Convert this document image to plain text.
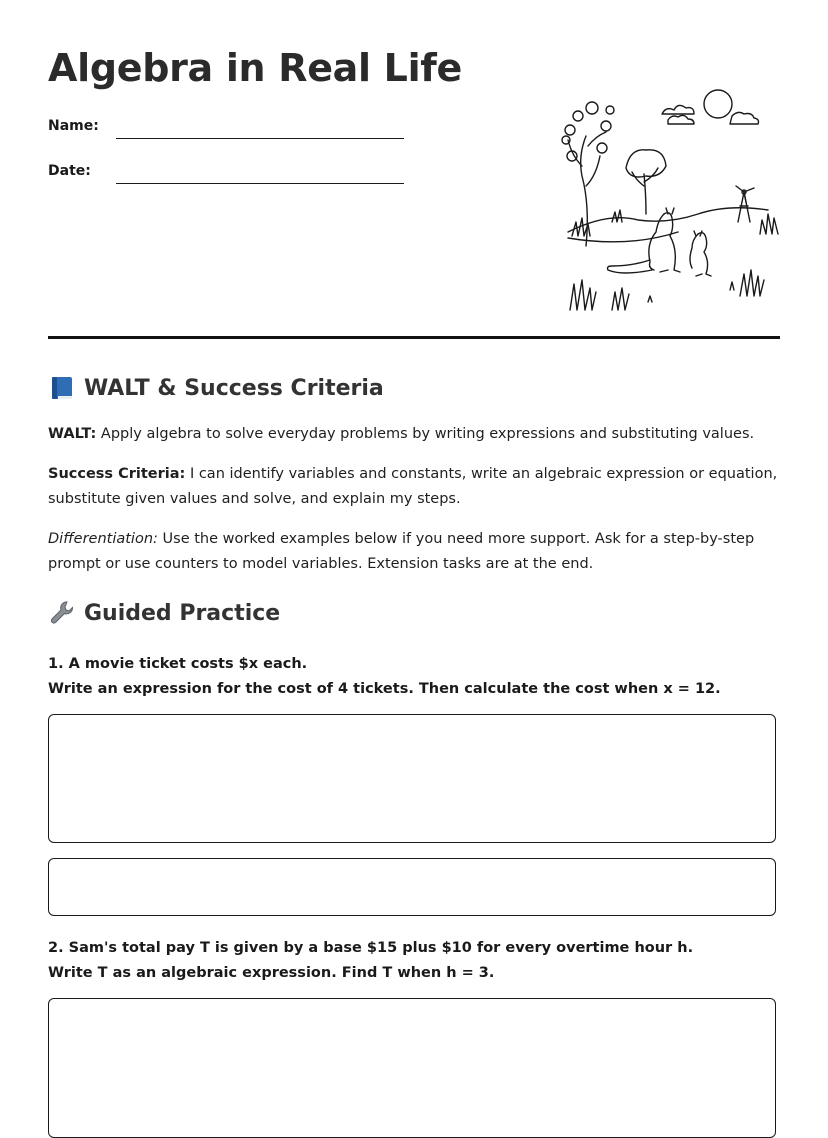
Algebra in Real Life
Name:
Date:
WALT & Success Criteria

WALT: Apply algebra to solve everyday problems by writing expressions and substituting values.

Success Criteria: I can identify variables and constants, write an algebraic expression or equation, substitute given values and solve, and explain my steps.

Differentiation: Use the worked examples below if you need more support. Ask for a step-by-step prompt or use counters to model variables. Extension tasks are at the end.

Guided Practice
1. A movie ticket costs $x each.
Write an expression for the cost of 4 tickets. Then calculate the cost when x = 12.
2. Sam's total pay T is given by a base $15 plus $10 for every overtime hour h.
Write T as an algebraic expression. Find T when h = 3.
